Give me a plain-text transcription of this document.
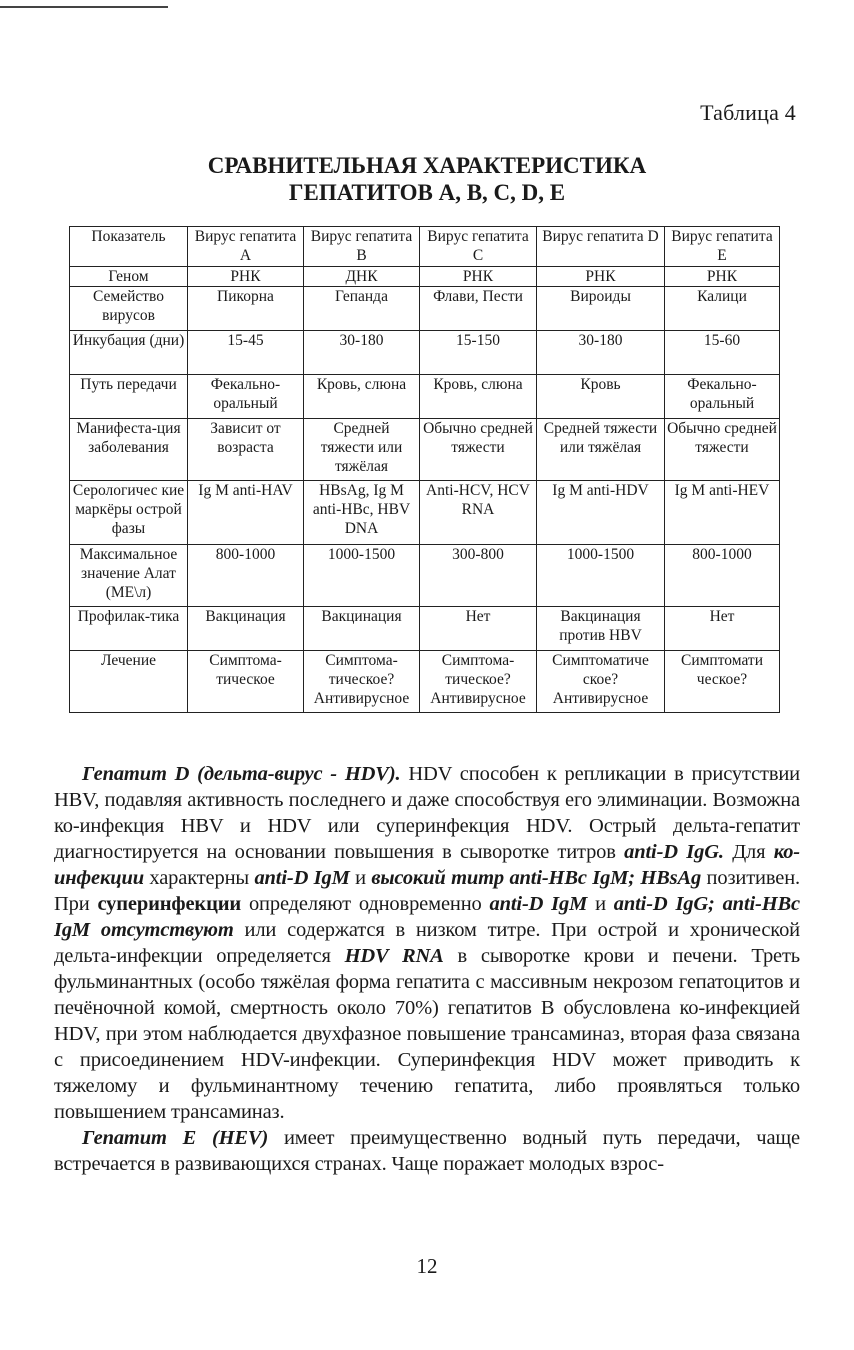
Таблица 4
СРАВНИТЕЛЬНАЯ ХАРАКТЕРИСТИКА
ГЕПАТИТОВ A, B, C, D, E
Показатель	Вирус гепатита A	Вирус гепатита B	Вирус гепатита C	Вирус гепатита D	Вирус гепатита E
Геном	РНК	ДНК	РНК	РНК	РНК
Семейство вирусов	Пикорна	Гепанда	Флави, Пести	Вироиды	Калици
Инкубация (дни)	15-45	30-180	15-150	30-180	15-60
Путь передачи	Фекально-оральный	Кровь, слюна	Кровь, слюна	Кровь	Фекально-оральный
Манифеста-ция заболевания	Зависит от возраста	Средней тяжести или тяжёлая	Обычно средней тяжести	Средней тяжести или тяжёлая	Обычно средней тяжести
Серологичес кие маркёры острой фазы	Ig M anti-HAV	HBsAg, Ig M anti-HBc, HBV DNA	Anti-HCV, HCV RNA	Ig M anti-HDV	Ig M anti-HEV
Максимальное значение Алат (МЕ\л)	800-1000	1000-1500	300-800	1000-1500	800-1000
Профилак-тика	Вакцинация	Вакцинация	Нет	Вакцинация против HBV	Нет
Лечение	Симптома-тическое	Симптома-тическое? Антивирусное	Симптома-тическое? Антивирусное	Симптоматиче ское? Антивирусное	Симптомати ческое?

Гепатит D (дельта-вирус - HDV). HDV способен к репликации в присутствии HBV, подавляя активность последнего и даже способствуя его элиминации. Возможна ко-инфекция HBV и HDV или суперинфекция HDV. Острый дельта-гепатит диагностируется на основании повышения в сыворотке титров anti-D IgG. Для ко-инфекции характерны anti-D IgM и высокий титр anti-HBc IgM; HBsAg позитивен. При суперинфекции определяют одновременно anti-D IgM и anti-D IgG; anti-HBc IgM отсутствуют или содержатся в низком титре. При острой и хронической дельта-инфекции определяется HDV RNA в сыворотке крови и печени. Треть фульминантных (особо тяжёлая форма гепатита с массивным некрозом гепатоцитов и печёночной комой, смертность около 70%) гепатитов В обусловлена ко-инфекцией HDV, при этом наблюдается двухфазное повышение трансаминаз, вторая фаза связана с присоединением HDV-инфекции. Суперинфекция HDV может приводить к тяжелому и фульминантному течению гепатита, либо проявляться только повышением трансаминаз.

Гепатит E (HEV) имеет преимущественно водный путь передачи, чаще встречается в развивающихся странах. Чаще поражает молодых взрос-

12
